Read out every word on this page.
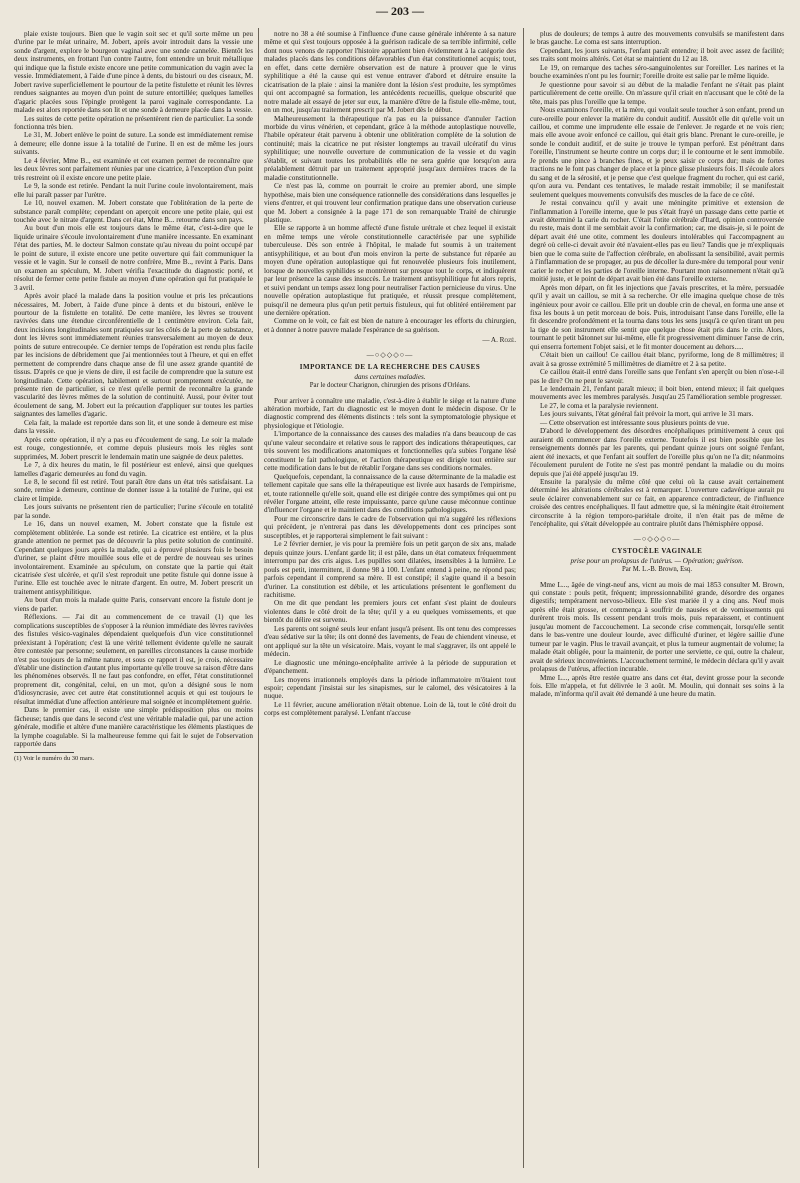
— 203 —

plaie existe toujours. Bien que le vagin soit sec et qu'il sorte même un peu d'urine par le méat urinaire, M. Jobert, après avoir introduit dans la vessie une sonde d'argent, explore le bourgeon vaginal avec une sonde cannelée. Bientôt les deux instruments, en frottant l'un contre l'autre, font entendre un bruit métallique qui indique que la fistule existe encore une petite communication du vagin avec la vessie. Immédiatement, à l'aide d'une pince à dents, du bistouri ou des ciseaux, M. Jobert ravive superficiellement le pourtour de la petite fistulette et réunit les lèvres rendues saignantes au moyen d'un point de suture entortillée; quelques lamelles d'agaric placées sous l'épingle protègent la paroi vaginale correspondante. La malade est alors reportée dans son lit et une sonde à demeure placée dans la vessie.

Les suites de cette petite opération ne présentèrent rien de particulier. La sonde fonctionna très bien.

Le 31, M. Jobert enlève le point de suture. La sonde est immédiatement remise à demeure; elle donne issue à la totalité de l'urine. Il en est de même les jours suivants.

Le 4 février, Mme B.., est examinée et cet examen permet de reconnaître que les deux lèvres sont parfaitement réunies par une cicatrice, à l'exception d'un point très restreint où il existe encore une petite plaie.

Le 9, la sonde est retirée. Pendant la nuit l'urine coule involontairement, mais elle lui paraît passer par l'urètre.

Le 10, nouvel examen. M. Jobert constate que l'oblitération de la perte de substance paraît complète; cependant on aperçoit encore une petite plaie, qui est touchée avec le nitrate d'argent. Dans cet état, Mme B... retourne dans son pays.

Au bout d'un mois elle est toujours dans le même état, c'est-à-dire que le liquide urinaire s'écoule involontairement d'une manière incessante. En examinant l'état des parties, M. le docteur Salmon constate qu'au niveau du point occupé par le point de suture, il existe encore une petite ouverture qui fait communiquer la vessie et le vagin. Sur le conseil de notre confrère, Mme B.., revint à Paris. Dans un examen au spéculum, M. Jobert vérifia l'exactitude du diagnostic porté, et résolut de fermer cette petite fistule au moyen d'une opération qui fut pratiquée le 3 avril.

Après avoir placé la malade dans la position voulue et pris les précautions nécessaires, M. Jobert, à l'aide d'une pince à dents et du bistouri, enlève le pourtour de la fistulette en totalité. De cette manière, les lèvres se trouvent ravivées dans une étendue circonférentielle de 1 centimètre environ. Cela fait, deux incisions longitudinales sont pratiquées sur les côtés de la perte de substance, dont les lèvres sont immédiatement réunies transversalement au moyen de deux points de suture entrecoupée. Ce dernier temps de l'opération est rendu plus facile par les incisions de débridement que j'ai mentionnées tout à l'heure, et qui en effet permettent de comprendre dans chaque anse de fil une assez grande quantité de tissus. D'après ce que je viens de dire, il est facile de comprendre que la suture est longitudinale. Cette opération, habilement et surtout promptement exécutée, ne présente rien de particulier, si ce n'est qu'elle permit de reconnaître la grande vascularité des lèvres mêmes de la solution de continuité. Aussi, pour éviter tout écoulement de sang, M. Jobert eut la précaution d'appliquer sur toutes les parties saignantes des lamelles d'agaric.

Cela fait, la malade est reportée dans son lit, et une sonde à demeure est mise dans la vessie.

Après cette opération, il n'y a pas eu d'écoulement de sang. Le soir la malade est rouge, congestionnée, et comme depuis plusieurs mois les règles sont supprimées, M. Jobert prescrit le lendemain matin une saignée de deux palettes.

Le 7, à dix heures du matin, le fil postérieur est enlevé, ainsi que quelques lamelles d'agaric demeurées au fond du vagin.

Le 8, le second fil est retiré. Tout paraît être dans un état très satisfaisant. La sonde, remise à demeure, continue de donner issue à la totalité de l'urine, qui est claire et limpide.

Les jours suivants ne présentent rien de particulier; l'urine s'écoule en totalité par la sonde.

Le 16, dans un nouvel examen, M. Jobert constate que la fistule est complètement oblitérée. La sonde est retirée. La cicatrice est entière, et la plus grande attention ne permet pas de découvrir la plus petite solution de continuité. Cependant quelques jours après la malade, qui a éprouvé plusieurs fois le besoin d'uriner, se plaint d'être mouillée sous elle et de perdre de nouveau ses urines involontairement. Examinée au spéculum, on constate que la partie qui était cicatrisée s'est ulcérée, et qu'il s'est reproduit une petite fistule qui donne issue à l'urine. Elle est touchée avec le nitrate d'argent. En outre, M. Jobert prescrit un traitement antisyphilitique.

Au bout d'un mois la malade quitte Paris, conservant encore la fistule dont je viens de parler.

Réflexions. — J'ai dit au commencement de ce travail (1) que les complications susceptibles de s'opposer à la réunion immédiate des lèvres ravivées des fistules vésico-vaginales dépendaient quelquefois d'un vice constitutionnel préexistant à l'opération; c'est là une vérité tellement évidente qu'elle ne saurait être contestée par personne; seulement, en pareilles circonstances la cause morbide n'est pas toujours de la même nature, et sous ce rapport il est, je crois, nécessaire d'établir une distinction d'autant plus importante qu'elle trouve sa raison d'être dans les phénomènes observés. Il ne faut pas confondre, en effet, l'état constitutionnel proprement dit, congénital, celui, en un mot, qu'on a désigné sous le nom d'idiosyncrasie, avec cet autre état constitutionnel acquis et qui est toujours le résultat immédiat d'une affection antérieure mal soignée et incomplètement guérie.

Dans le premier cas, il existe une simple prédisposition plus ou moins fâcheuse; tandis que dans le second c'est une véritable maladie qui, par une action générale, modifie et altère d'une manière caractéristique les éléments plastiques de la lymphe coagulable. Si la malheureuse femme qui fait le sujet de l'observation rapportée dans

(1) Voir le numéro du 30 mars.

notre no 38 a été soumise à l'influence d'une cause générale inhérente à sa nature même et qui s'est toujours opposée à la guérison radicale de sa terrible infirmité, celle dont nous venons de rapporter l'histoire appartient bien évidemment à la catégorie des malades placés dans les conditions défavorables d'un état constitutionnel acquis; tout, en effet, dans cette dernière observation est de nature à prouver que le virus syphilitique a été la cause qui est venue entraver d'abord et détruire ensuite la cicatrisation de la plaie : ainsi la manière dont la lésion s'est produite, les symptômes qui ont accompagné sa formation, les antécédents recueillis, quelque obscurité que notre malade ait essayé de jeter sur eux, la manière d'être de la fistule elle-même, tout, en un mot, jusqu'au traitement prescrit par M. Jobert dès le début.

Malheureusement la thérapeutique n'a pas eu la puissance d'annuler l'action morbide du virus vénérien, et cependant, grâce à la méthode autoplastique nouvelle, l'habile opérateur était parvenu à obtenir une oblitération complète de la solution de continuité; mais la cicatrice ne put résister longtemps au travail ulcératif du virus syphilitique; une nouvelle ouverture de communication de la vessie et du vagin s'établit, et suivant toutes les probabilités elle ne sera guérie que lorsqu'on aura préalablement détruit par un traitement approprié jusqu'aux dernières traces de la maladie constitutionnelle.

Ce n'est pas là, comme on pourrait le croire au premier abord, une simple hypothèse, mais bien une conséquence rationnelle des considérations dans lesquelles je viens d'entrer, et qui trouvent leur confirmation pratique dans une observation curieuse que M. Jobert a consignée à la page 171 de son remarquable Traité de chirurgie plastique.

Elle se rapporte à un homme affecté d'une fistule urétrale et chez lequel il existait en même temps une vérole constitutionnelle caractérisée par une syphilide tuberculeuse. Dès son entrée à l'hôpital, le malade fut soumis à un traitement antisyphilitique, et au bout d'un mois environ la perte de substance fut réparée au moyen d'une opération autoplastique qui fut renouvelée plusieurs fois inutilement, lorsque de nouvelles syphilides se montrèrent sur presque tout le corps, et indiquèrent par leur présence la cause des insuccès. Le traitement antisyphilitique fut alors repris, et suivi pendant un temps assez long pour neutraliser l'action pernicieuse du virus. Une nouvelle opération autoplastique fut pratiquée, et réussit presque complètement, puisqu'il ne demeura plus qu'un petit pertuis fistuleux, qui fut oblitéré entièrement par une dernière opération.

Comme on le voit, ce fait est bien de nature à encourager les efforts du chirurgien, et à donner à notre pauvre malade l'espérance de sa guérison.

— A. Rozé.
—○◇◇◇○—
IMPORTANCE DE LA RECHERCHE DES CAUSES
dans certaines maladies.
Par le docteur Charignon, chirurgien des prisons d'Orléans.

Pour arriver à connaître une maladie, c'est-à-dire à établir le siège et la nature d'une altération morbide, l'art du diagnostic est le moyen dont le médecin dispose. Or le diagnostic comprend des éléments distincts : tels sont la symptomatologie physique et physiologique et l'étiologie.

L'importance de la connaissance des causes des maladies n'a dans beaucoup de cas qu'une valeur secondaire et relative sous le rapport des indications thérapeutiques, car très souvent les modifications anatomiques et fonctionnelles qu'a subies l'organe lésé constituent le fait pathologique, et l'action thérapeutique est dirigée tout entière sur cette modification dans le but de rétablir l'organe dans ses conditions normales.

Quelquefois, cependant, la connaissance de la cause déterminante de la maladie est tellement capitale que sans elle la thérapeutique est livrée aux hasards de l'empirisme, et, toute rationnelle qu'elle soit, quand elle est dirigée contre des symptômes qui ont pu révéler l'organe atteint, elle reste impuissante, parce qu'une cause méconnue continue d'influencer l'organe et le maintient dans des conditions pathologiques.

Pour me circonscrire dans le cadre de l'observation qui m'a suggéré les réflexions qui précèdent, je n'entrerai pas dans les développements dont ces principes sont susceptibles, et je rapporterai simplement le fait suivant :

Le 2 février dernier, je vis pour la première fois un petit garçon de six ans, malade depuis quinze jours. L'enfant garde lit; il est pâle, dans un état comateux fréquemment interrompu par des cris aigus. Les pupilles sont dilatées, insensibles à la lumière. Le pouls est petit, intermittent, il donne 98 à 100. L'enfant entend à peine, ne répond pas; parfois cependant il comprend sa mère. Il est constipé; il s'agite quand il a besoin d'uriner. La constitution est débile, et les articulations présentent le gonflement du rachitisme.

On me dit que pendant les premiers jours cet enfant s'est plaint de douleurs violentes dans le côté droit de la tête; qu'il y a eu quelques vomissements, et que bientôt du délire est survenu.

Les parents ont soigné seuls leur enfant jusqu'à présent. Ils ont tenu des compresses d'eau sédative sur la tête; ils ont donné des lavements, de l'eau de chiendent vineuse, et ont appliqué sur la tête un vésicatoire. Mais, voyant le mal s'aggraver, ils ont appelé le médecin.

Le diagnostic une méningo-encéphalite arrivée à la période de suppuration et d'épanchement.

Les moyens irrationnels employés dans la période inflammatoire m'ôtaient tout espoir; cependant j'insistai sur les sinapismes, sur le calomel, des vésicatoires à la nuque.

Le 11 février, aucune amélioration n'était obtenue. Loin de là, tout le côté droit du corps est complètement paralysé. L'enfant n'accuse

plus de douleurs; de temps à autre des mouvements convulsifs se manifestent dans le bras gauche. Le coma est sans interruption.

Cependant, les jours suivants, l'enfant paraît entendre; il boit avec assez de facilité; ses traits sont moins altérés. Cet état se maintient du 12 au 18.

Le 19, on remarque des taches séro-sanguinolentes sur l'oreiller. Les narines et la bouche examinées n'ont pu les fournir; l'oreille droite est salie par le même liquide.

Je questionne pour savoir si au début de la maladie l'enfant ne s'était pas plaint particulièrement de cette oreille. On m'assure qu'il criait en n'accusant que le côté de la tête, mais pas plus l'oreille que la tempe.

Nous examinons l'oreille, et la mère, qui voulait seule toucher à son enfant, prend un cure-oreille pour enlever la matière du conduit auditif. Aussitôt elle dit qu'elle voit un caillou, et comme une imprudente elle essaie de l'enlever. Je regarde et ne vois rien; mais elle avoue avoir enfoncé ce caillou, qui était gris blanc. Prenant le cure-oreille, je sonde le conduit auditif, et de suite je trouve le tympan perforé. Est pénétrant dans l'oreille, l'instrument se heurte contre un corps dur; il le contourne et le sent immobile. Je prends une pince à branches fines, et je peux saisir ce corps dur; mais de fortes tractions ne le font pas changer de place et la pince glisse plusieurs fois. Il s'écoule alors du sang et de la sérosité, et je pense que c'est quelque fragment du rocher, qui est carié, qu'on aura vu. Pendant ces tentatives, le malade restait immobile; il se manifestait seulement quelques mouvements convulsifs des muscles de la face de ce côté.

Je restai convaincu qu'il y avait une méningite primitive et extension de l'inflammation à l'oreille interne, que le pus s'était frayé un passage dans cette partie et avait déterminé la carie du rocher. C'était l'otite cérébrale d'Itard, opinion controversée du reste, mais dont il me semblait avoir la confirmation; car, me disais-je, si le point de départ avait été une otite, comment les douleurs intolérables qui l'accompagnent au degré où celle-ci devait avoir été n'avaient-elles pas eu lieu? Tandis que je m'expliquais bien que le coma suite de l'affection cérébrale, en abolissant la sensibilité, avait permis à l'inflammation de se propager, au pus de décoller la dure-mère du temporal pour venir carier le rocher et les parties de l'oreille interne. Pourtant mon raisonnement n'était qu'à moitié juste, et le point de départ avait bien été dans l'oreille externe.

Après mon départ, on fit les injections que j'avais prescrites, et la mère, persuadée qu'il y avait un caillou, se mit à sa recherche. Or elle imagina quelque chose de très ingénieux pour avoir ce caillou. Elle prit un double crin de cheval, en forma une anse et fixa les bouts à un petit morceau de bois. Puis, introduisant l'anse dans l'oreille, elle la fit descendre profondément et la tourna dans tous les sens jusqu'à ce qu'en tirant un peu la tige de son instrument elle sentit que quelque chose était pris dans le crin. Alors, tournant le petit bâtonnet sur lui-même, elle fit progressivement diminuer l'anse de crin, qui enserra fortement l'objet saisi, et le fit monter doucement au dehors.....

C'était bien un caillou! Ce caillou était blanc, pyriforme, long de 8 millimètres; il avait à sa grosse extrémité 5 millimètres de diamètre et 2 à sa petite.

Ce caillou était-il entré dans l'oreille sans que l'enfant s'en aperçût ou bien n'ose-t-il pas le dire? On ne peut le savoir.

Le lendemain 21, l'enfant paraît mieux; il boit bien, entend mieux; il fait quelques mouvements avec les membres paralysés. Jusqu'au 25 l'amélioration semble progresser.

Le 27, le coma et la paralysie reviennent.

Les jours suivants, l'état général fait prévoir la mort, qui arrive le 31 mars.

— Cette observation est intéressante sous plusieurs points de vue.

D'abord le développement des désordres encéphaliques primitivement à ceux qui auraient dû commencer dans l'oreille externe. Toutefois il est bien possible que les renseignements donnés par les parents, qui pendant quinze jours ont soigné l'enfant, aient été inexacts, et que l'enfant ait souffert de l'oreille plus qu'on ne l'a dit; néanmoins l'écoulement purulent de l'otite ne s'est pas montré pendant la maladie ou du moins depuis que j'ai été appelé jusqu'au 19.

Ensuite la paralysie du même côté que celui où la cause avait certainement déterminé les altérations cérébrales est à remarquer. L'ouverture cadavérique aurait pu seule éclairer convenablement sur ce fait, en apparence contradicteur, de l'influence croisée des centres encéphaliques. Il faut admettre que, si la méningite était étroitement circonscrite à la région temporo-pariétale droite, il n'en était pas de même de l'encéphalite, qui s'était développée au contraire plutôt dans l'hémisphère opposé.

—○◇◇◇○—
CYSTOCÈLE VAGINALE
prise pour un prolapsus de l'utérus. — Opération; guérison.
Par M. L.-B. Brown, Esq.

Mme L..., âgée de vingt-neuf ans, vicnt au mois de mai 1853 consulter M. Brown, qui constate : pouls petit, fréquent; impressionnabilité grande, désordre des organes digestifs; tempérament nervoso-bilieux. Elle s'est mariée il y a cinq ans. Neuf mois après elle était grosse, et commença à souffrir de nausées et de vomissements qui durèrent trois mois. Ils cessent pendant trois mois, puis reparaissent, et continuent jusqu'au moment de l'accouchement. La seconde crise commençait, lorsqu'elle sentit dans le bas-ventre une douleur lourde, avec difficulté d'uriner, et légère saillie d'une tumeur par le vagin. Plus le travail avançait, et plus la tumeur augmentait de volume; la malade était obligée, pour la maintenir, de porter une serviette, ce qui, outre la chaleur, avait de sérieux inconvénients. L'accouchement terminé, le médecin déclara qu'il y avait prolapsus de l'utérus, affection incurable.

Mme L..., après être restée quatre ans dans cet état, devint grosse pour la seconde fois. Elle m'appela, et fut délivrée le 3 août. M. Moulin, qui donnait ses soins à la malade, m'informa qu'il avait été demandé à une heure du matin.
